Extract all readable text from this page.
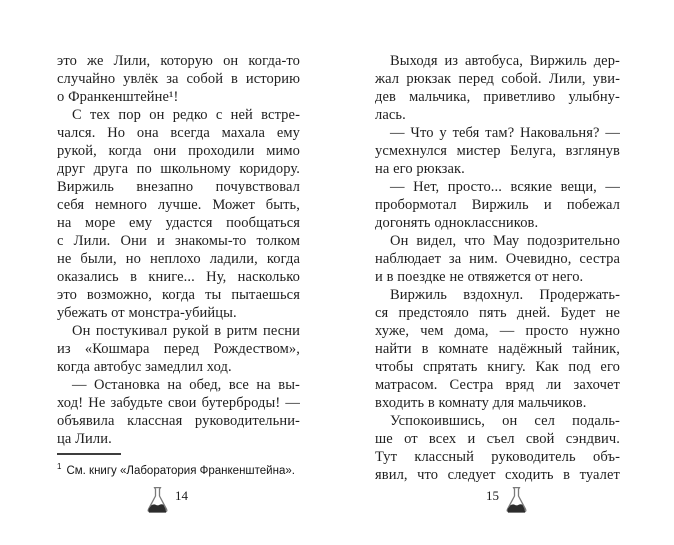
это же Лили, которую он когда-то
случайно увлёк за собой в историю
о Франкенштейне¹!
С тех пор он редко с ней встре-
чался. Но она всегда махала ему
рукой, когда они проходили мимо
друг друга по школьному коридору.
Виржиль внезапно почувствовал
себя немного лучше. Может быть,
на море ему удастся пообщаться
с Лили. Они и знакомы-то толком
не были, но неплохо ладили, когда
оказались в книге... Ну, насколько
это возможно, когда ты пытаешься
убежать от монстра-убийцы.
Он постукивал рукой в ритм песни
из «Кошмара перед Рождеством»,
когда автобус замедлил ход.
— Остановка на обед, все на вы-
ход! Не забудьте свои бутерброды! —
объявила классная руководительни-
ца Лили.
$^1$ См. книгу «Лаборатория Франкенштейна».
Выходя из автобуса, Виржиль дер-
жал рюкзак перед собой. Лили, уви-
дев мальчика, приветливо улыбну-
лась.
— Что у тебя там? Наковальня? —
усмехнулся мистер Белуга, взглянув
на его рюкзак.
— Нет, просто... всякие вещи, —
пробормотал Виржиль и побежал
догонять одноклассников.
Он видел, что Мау подозрительно
наблюдает за ним. Очевидно, сестра
и в поездке не отвяжется от него.
Виржиль вздохнул. Продержать-
ся предстояло пять дней. Будет не
хуже, чем дома, — просто нужно
найти в комнате надёжный тайник,
чтобы спрятать книгу. Как под его
матрасом. Сестра вряд ли захочет
входить в комнату для мальчиков.
Успокоившись, он сел подаль-
ше от всех и съел свой сэндвич.
Тут классный руководитель объ-
явил, что следует сходить в туалет
14	15
